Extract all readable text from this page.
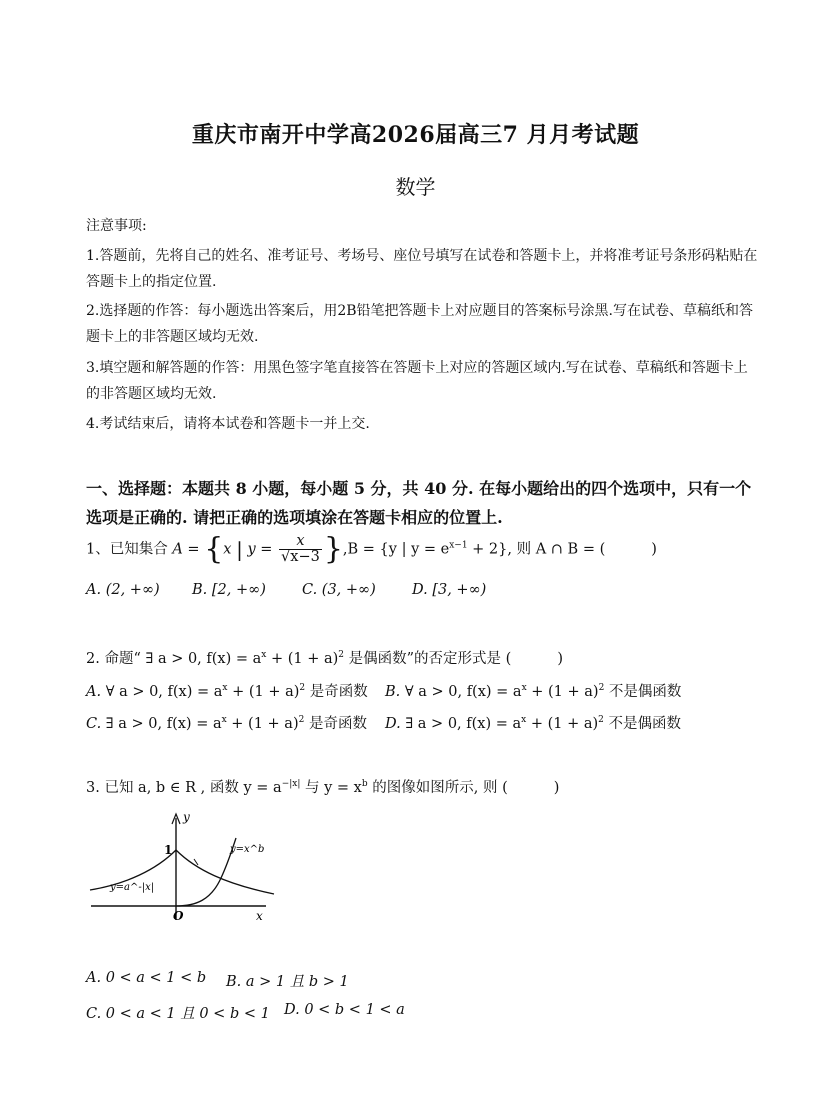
重庆市南开中学高2026届高三7 月月考试题
数学
注意事项:
1.答题前，先将自己的姓名、准考证号、考场号、座位号填写在试卷和答题卡上，并将准考证号条形码粘贴在答题卡上的指定位置.
2.选择题的作答：每小题选出答案后，用2B铅笔把答题卡上对应题目的答案标号涂黑.写在试卷、草稿纸和答题卡上的非答题区域均无效.
3.填空题和解答题的作答：用黑色签字笔直接答在答题卡上对应的答题区域内.写在试卷、草稿纸和答题卡上的非答题区域均无效.
4.考试结束后，请将本试卷和答题卡一并上交.
一、选择题：本题共 8 小题，每小题 5 分，共 40 分. 在每小题给出的四个选项中，只有一个选项是正确的. 请把正确的选项填涂在答题卡相应的位置上.
1、已知集合 A = {x | $y = \frac{x}{√x-3} \},B = \{y$ | $y = e^{x-1} + 2$}, 则 A ∩ B = (	)
A. (2, +∞) B. [2, +∞) C. (3, +∞) D. [3, +∞)
2. 命题“ ∃ a > 0, $f(x) = a^x + (1 + a)^2$ 是偶函数”的否定形式是 (	)
A. ∀ a > 0, $f(x) = a^x + (1 + a)^2$ 是奇函数 B. ∀ a > 0, $f(x) = a^x + (1 + a)^2$ 不是偶函数
C. ∃ a > 0, $f(x) = a^x + (1 + a)^2$ 是奇函数 D. ∃ a > 0, $f(x) = a^x + (1 + a)^2$ 不是偶函数
3. 已知 a, b ∈ R , 函数 $y = a^{-|x|}$ 与 $y = x^b$ 的图像如图所示, 则 (	)
y
x
O
1
y=a^-|x|
y=x^b
A. 0 < a < 1 < b B. a > 1 且 b > 1
C. 0 < a < 1 且 0 < b < 1 D. 0 < b < 1 < a
